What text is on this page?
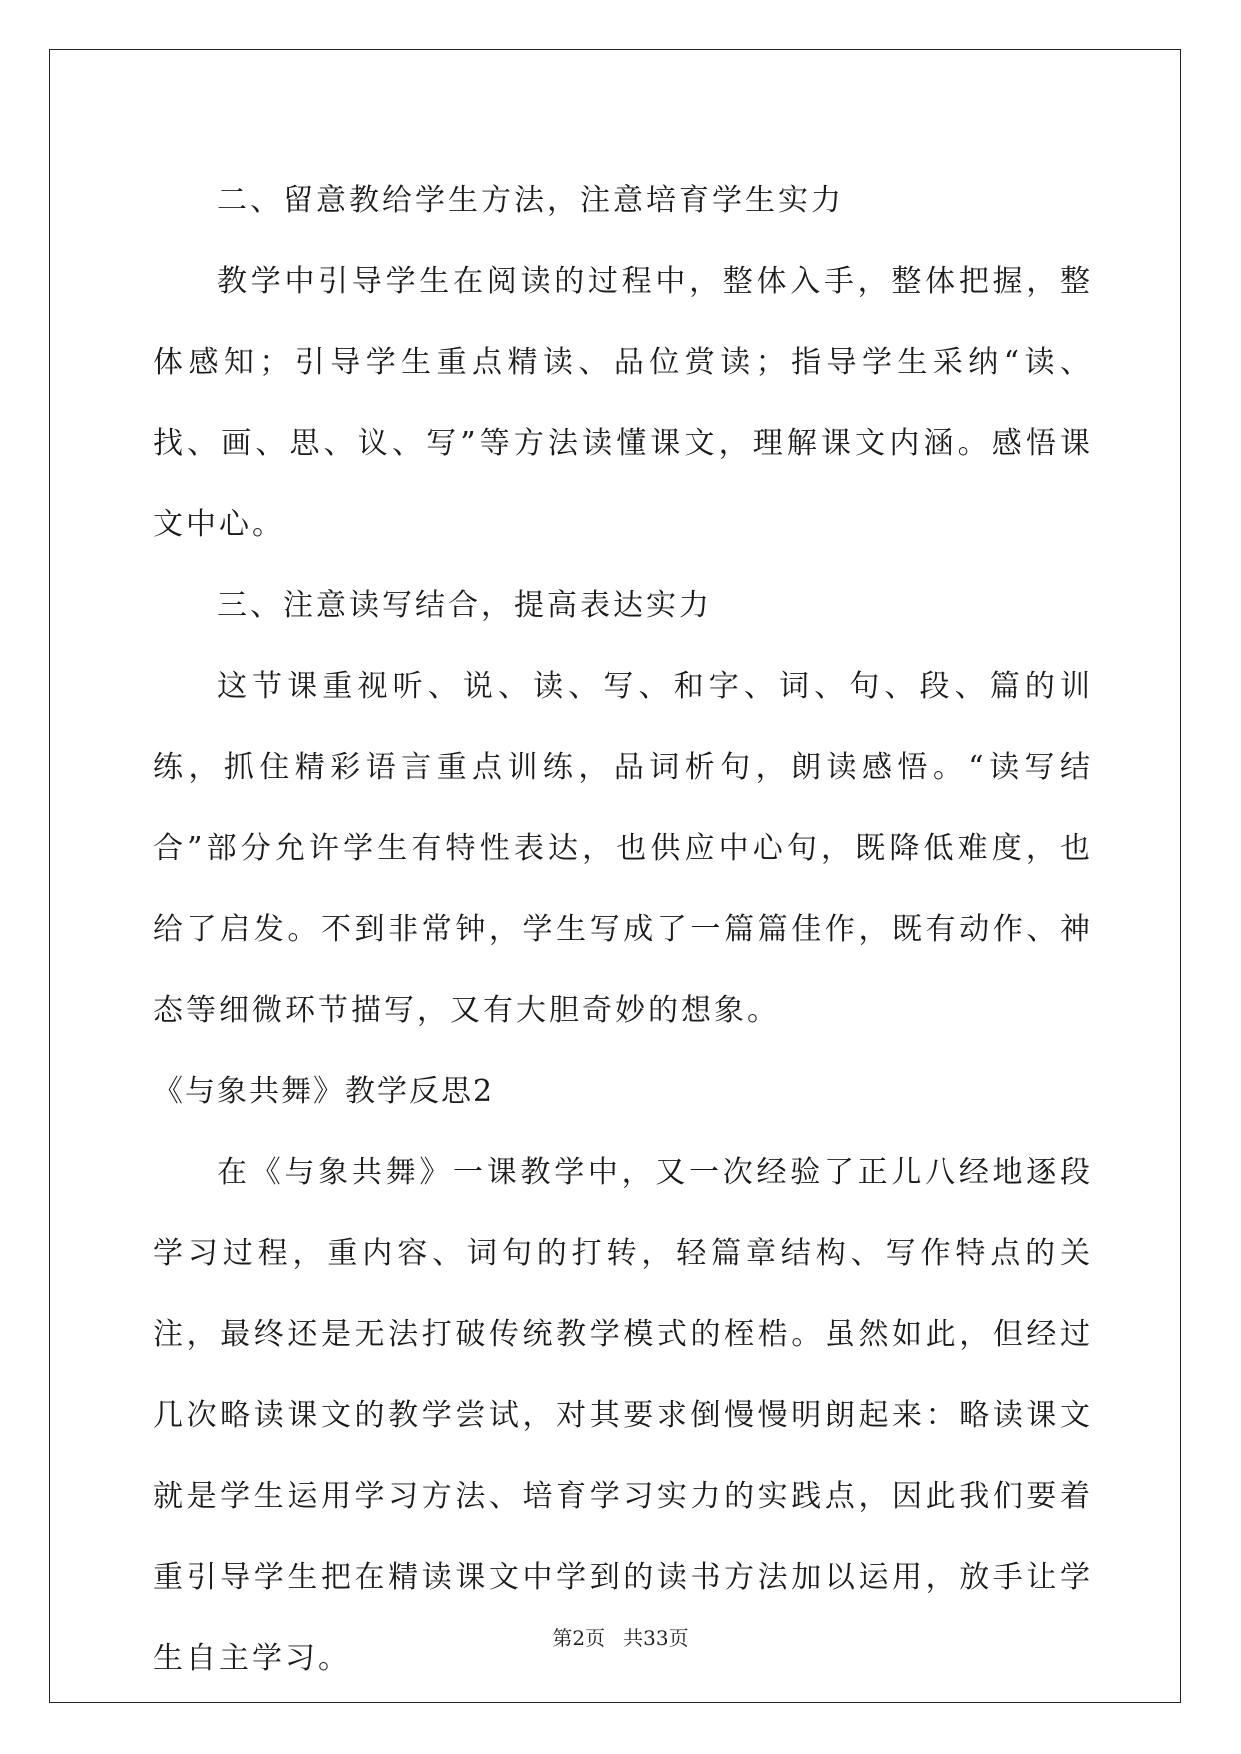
二、留意教给学生方法，注意培育学生实力

教学中引导学生在阅读的过程中，整体入手，整体把握，整体感知；引导学生重点精读、品位赏读；指导学生采纳“读、找、画、思、议、写”等方法读懂课文，理解课文内涵。感悟课文中心。

三、注意读写结合，提高表达实力

这节课重视听、说、读、写、和字、词、句、段、篇的训练，抓住精彩语言重点训练，品词析句，朗读感悟。“读写结合”部分允许学生有特性表达，也供应中心句，既降低难度，也给了启发。不到非常钟，学生写成了一篇篇佳作，既有动作、神态等细微环节描写，又有大胆奇妙的想象。

《与象共舞》教学反思2

在《与象共舞》一课教学中，又一次经验了正儿八经地逐段学习过程，重内容、词句的打转，轻篇章结构、写作特点的关注，最终还是无法打破传统教学模式的桎梏。虽然如此，但经过几次略读课文的教学尝试，对其要求倒慢慢明朗起来：略读课文就是学生运用学习方法、培育学习实力的实践点，因此我们要着重引导学生把在精读课文中学到的读书方法加以运用，放手让学生自主学习。

第2页 共33页
